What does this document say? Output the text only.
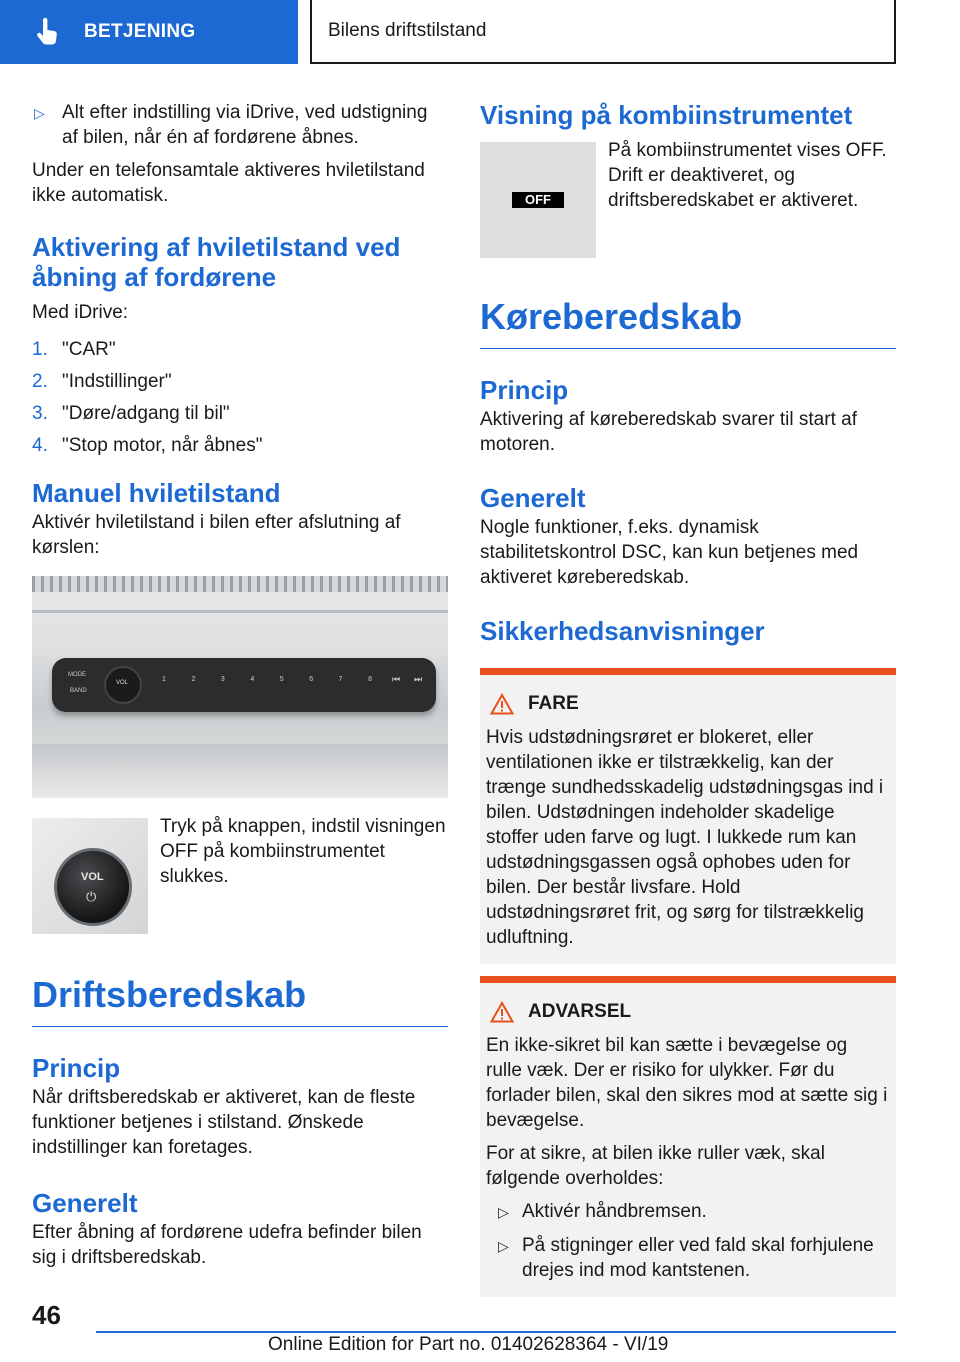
BETJENING	Bilens driftstilstand
▷ Alt efter indstilling via iDrive, ved udstigning af bilen, når én af fordørene åbnes.

Under en telefonsamtale aktiveres hviletilstand ikke automatisk.

Aktivering af hviletilstand ved åbning af fordørene

Med iDrive:

1. "CAR"
2. "Indstillinger"
3. "Døre/adgang til bil"
4. "Stop motor, når åbnes"
Manuel hviletilstand

Aktivér hviletilstand i bilen efter afslutning af kørslen:

MODE
BAND
VOL	1	2	3	4	5	6	7	8 ⏮ ⏭
VOL
⏻

Tryk på knappen, indstil visningen OFF på kombiinstrumentet slukkes.

Driftsberedskab
Princip

Når driftsberedskab er aktiveret, kan de fleste funktioner betjenes i stilstand. Ønskede indstillinger kan foretages.

Generelt

Efter åbning af fordørene udefra befinder bilen sig i driftsberedskab.

Visning på kombiinstrumentet
OFF

På kombiinstrumentet vises OFF. Drift er deaktiveret, og driftsberedskabet er aktiveret.

Køreberedskab
Princip

Aktivering af køreberedskab svarer til start af motoren.

Generelt

Nogle funktioner, f.eks. dynamisk stabilitetskontrol DSC, kan kun betjenes med aktiveret køreberedskab.

Sikkerhedsanvisninger
FARE

Hvis udstødningsrøret er blokeret, eller ventilationen ikke er tilstrækkelig, kan der trænge sundhedsskadelig udstødningsgas ind i bilen. Udstødningen indeholder skadelige stoffer uden farve og lugt. I lukkede rum kan udstødningsgassen også ophobes uden for bilen. Der består livsfare. Hold udstødningsrøret frit, og sørg for tilstrækkelig udluftning.

ADVARSEL

En ikke-sikret bil kan sætte i bevægelse og rulle væk. Der er risiko for ulykker. Før du forlader bilen, skal den sikres mod at sætte sig i bevægelse.

For at sikre, at bilen ikke ruller væk, skal følgende overholdes:

▷ Aktivér håndbremsen.
▷ På stigninger eller ved fald skal forhjulene drejes ind mod kantstenen.
46
Online Edition for Part no. 01402628364 - VI/19
